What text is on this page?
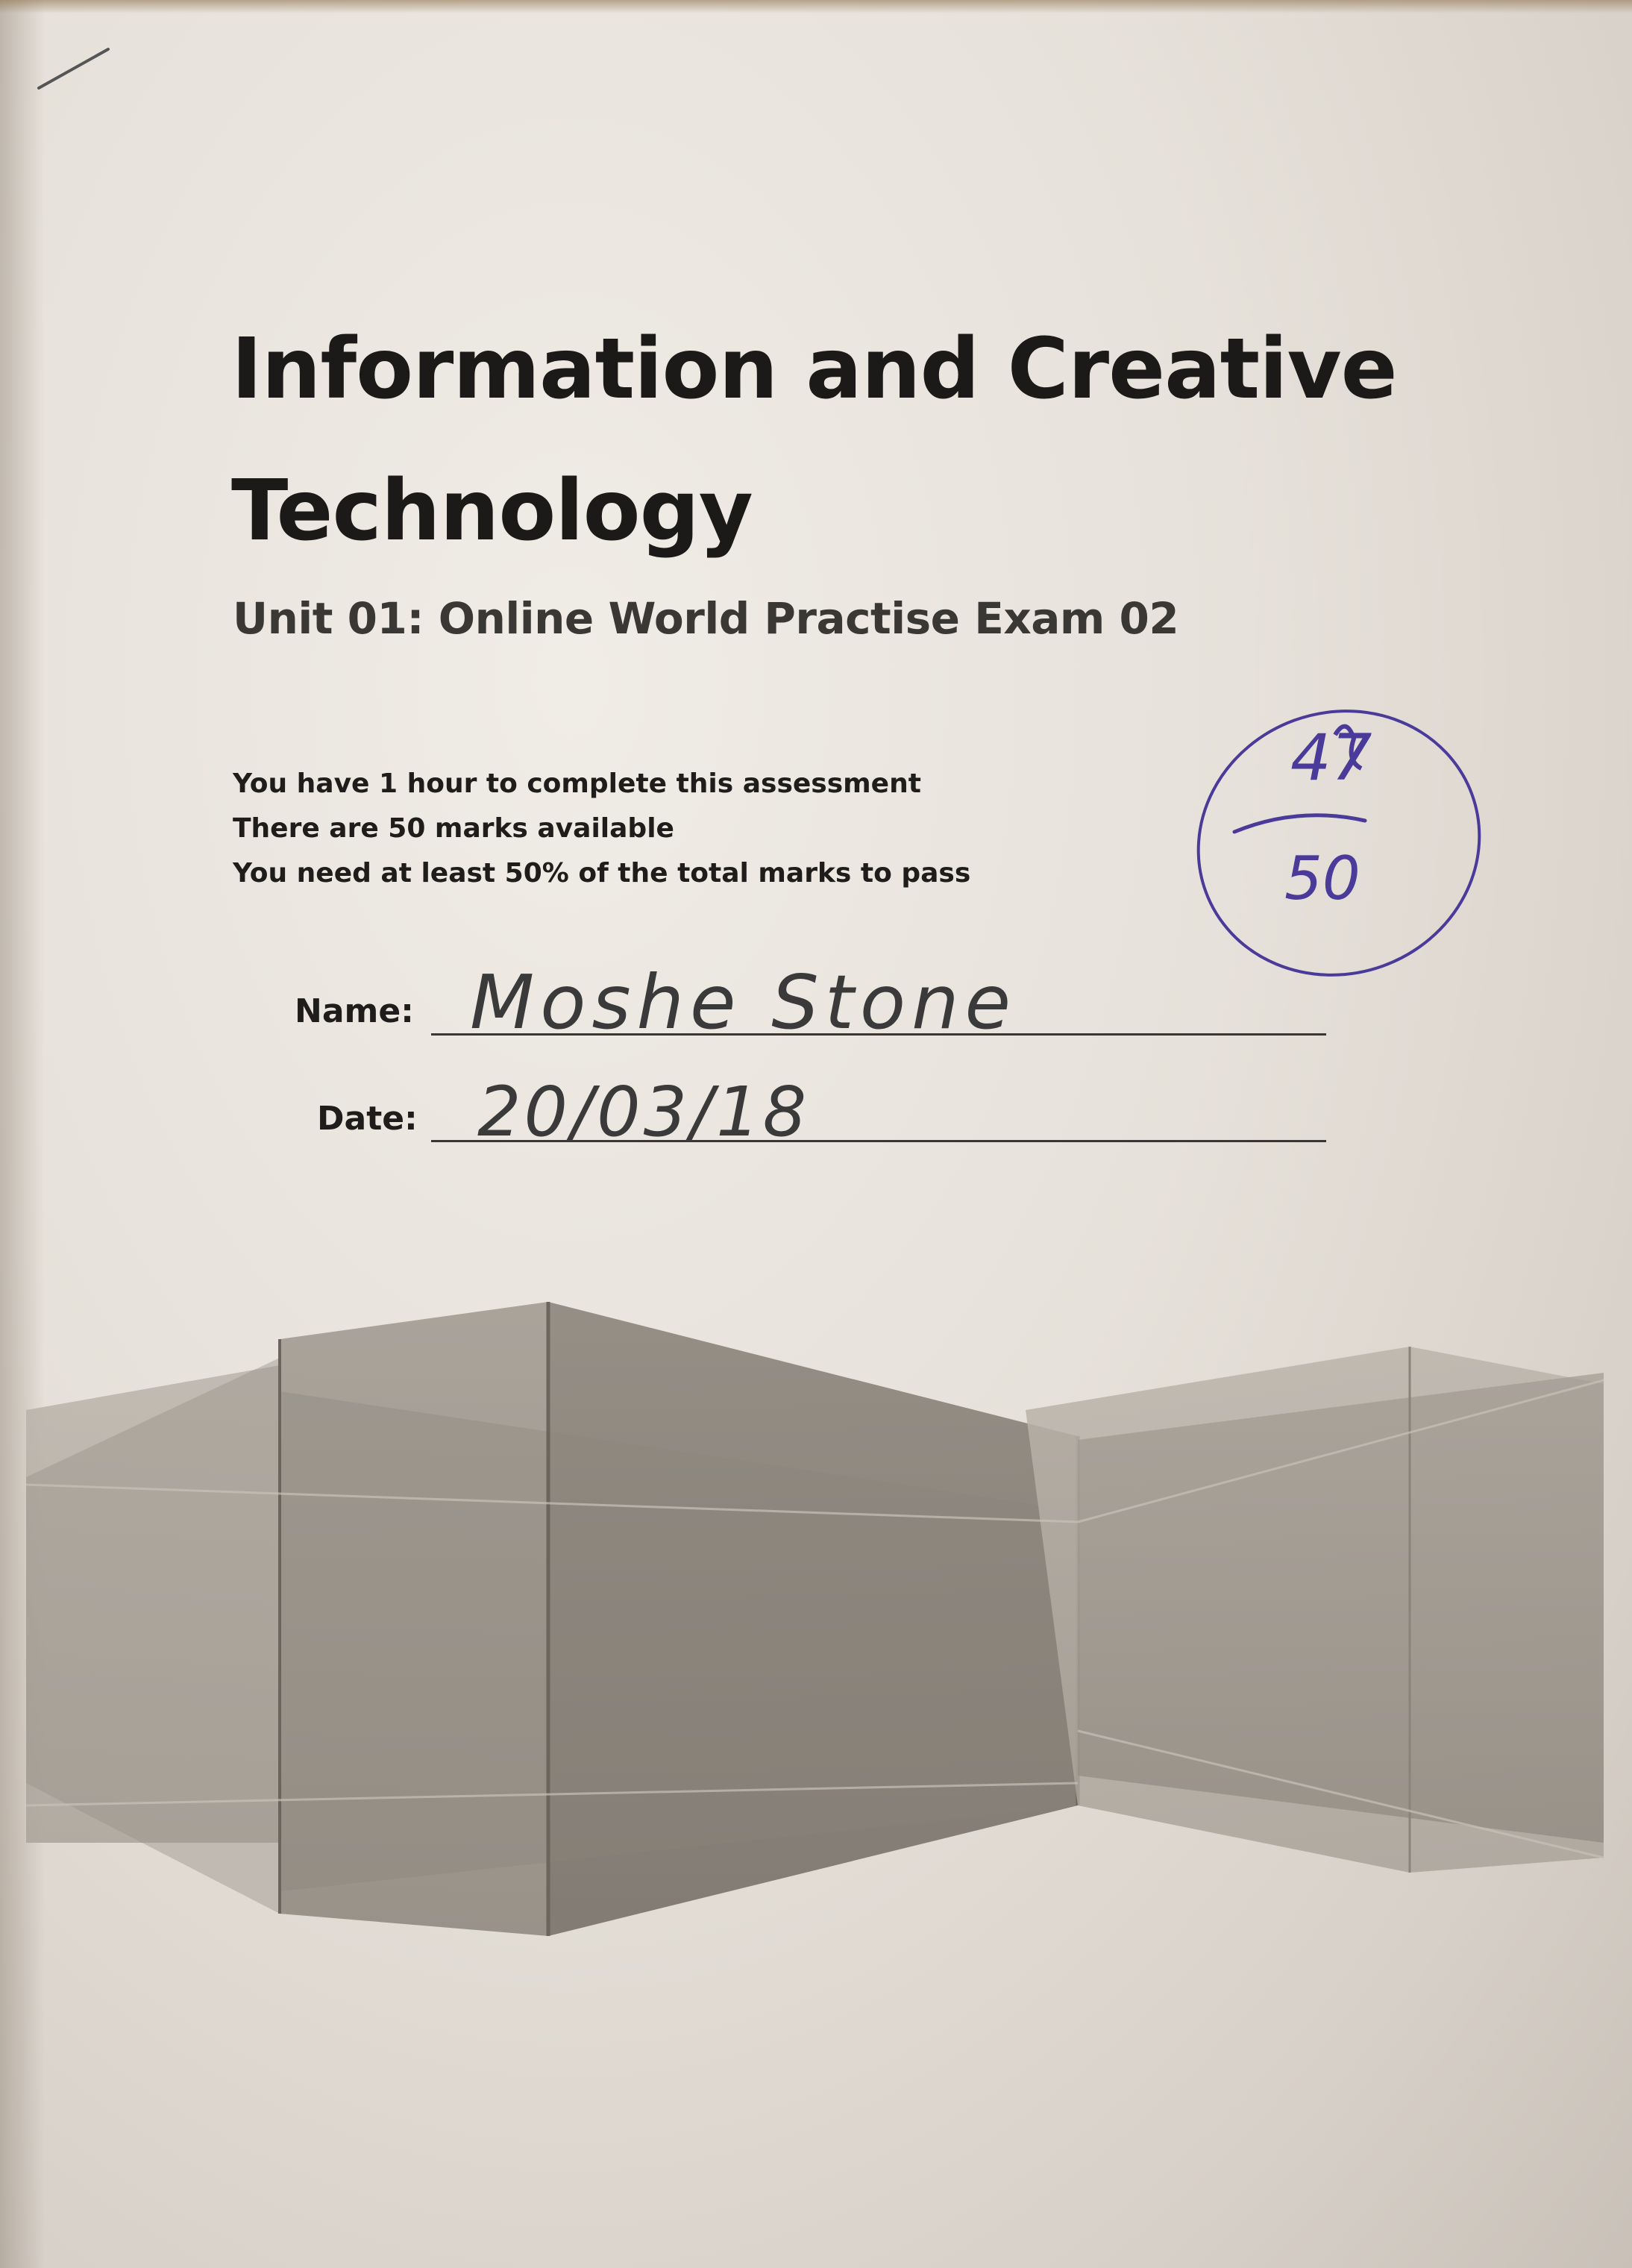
Information and Creative
Technology
Unit 01: Online World Practise Exam 02
You have 1 hour to complete this assessment
There are 50 marks available
You need at least 50% of the total marks to pass
Name:
Date:
Moshe Stone
20/03/18
47
50
